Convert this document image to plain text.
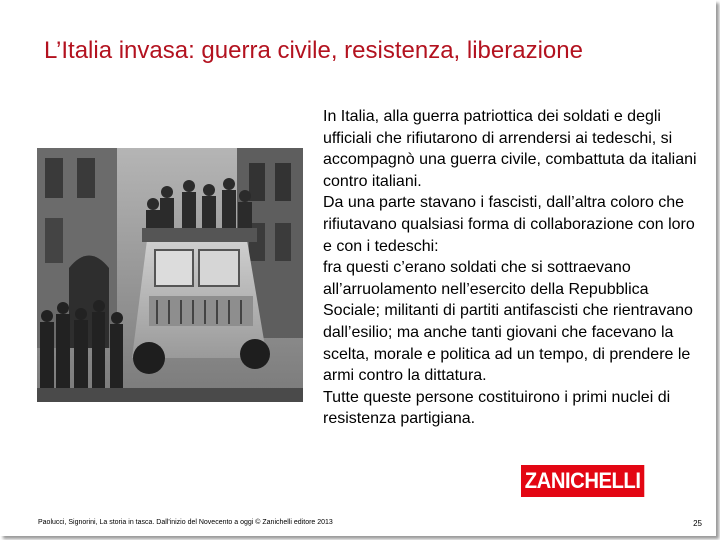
L’Italia invasa: guerra civile, resistenza, liberazione

In Italia, alla guerra patriottica dei soldati e degli ufficiali che rifiutarono di arrendersi ai tedeschi, si accompagnò una guerra civile, combattuta da italiani contro italiani.

Da una parte stavano i fascisti, dall’altra coloro che rifiutavano qualsiasi forma di collaborazione con loro e con i tedeschi:

fra questi c’erano soldati che si sottraevano all’arruolamento nell’esercito della Repubblica Sociale; militanti di partiti antifascisti che rientravano dall’esilio; ma anche tanti giovani che facevano la scelta, morale e politica ad un tempo, di prendere le armi contro la dittatura.

Tutte queste persone costituirono i primi nuclei di resistenza partigiana.

ZANICHELLI
Paolucci, Signorini, La storia in tasca. Dall'inizio del Novecento a oggi © Zanichelli editore 2013	25
